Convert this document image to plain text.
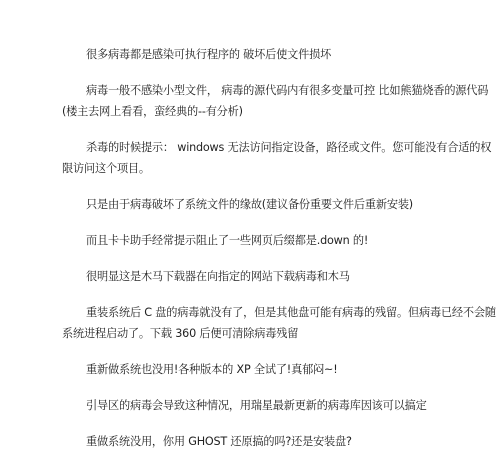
很多病毒都是感染可执行程序的 破坏后使文件损坏
病毒一般不感染小型文件， 病毒的源代码内有很多变量可控 比如熊猫烧香的源代码
(楼主去网上看看，蛮经典的--有分析)
杀毒的时候提示： windows 无法访问指定设备，路径或文件。您可能没有合适的权
限访问这个项目。
只是由于病毒破坏了系统文件的缘故(建议备份重要文件后重新安装)
而且卡卡助手经常提示阻止了一些网页后缀都是.down 的!
很明显这是木马下载器在向指定的网站下载病毒和木马
重装系统后 C 盘的病毒就没有了，但是其他盘可能有病毒的残留。但病毒已经不会随
系统进程启动了。下载 360 后便可清除病毒残留
重新做系统也没用!各种版本的 XP 全试了!真郁闷~!
引导区的病毒会导致这种情况，用瑞星最新更新的病毒库因该可以搞定
重做系统没用，你用 GHOST 还原搞的吗?还是安装盘?
